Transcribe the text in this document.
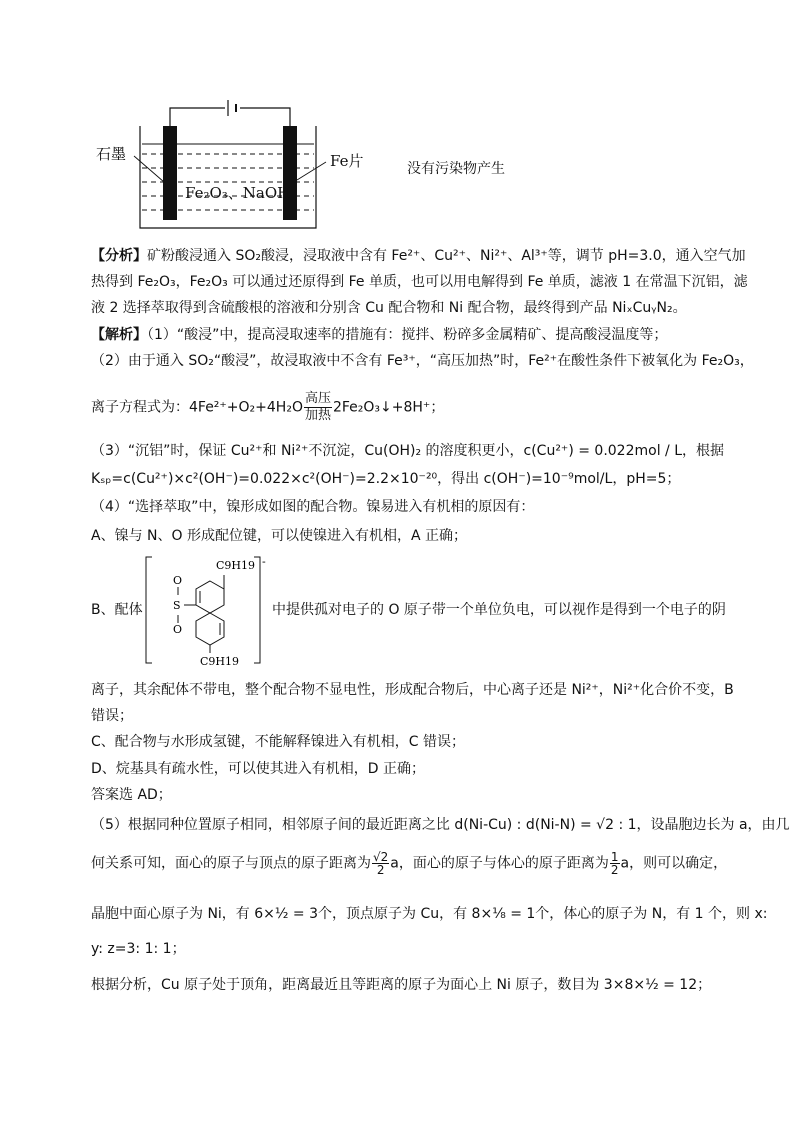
石墨	Fe片
Fe₂O₃、NaOH
没有污染物产生
【分析】矿粉酸浸通入 SO₂酸浸，浸取液中含有 Fe²⁺、Cu²⁺、Ni²⁺、Al³⁺等，调节 pH=3.0，通入空气加
热得到 Fe₂O₃，Fe₂O₃ 可以通过还原得到 Fe 单质，也可以用电解得到 Fe 单质，滤液 1 在常温下沉铝，滤
液 2 选择萃取得到含硫酸根的溶液和分别含 Cu 配合物和 Ni 配合物，最终得到产品 NiₓCuᵧN₂。
【解析】（1）“酸浸”中，提高浸取速率的措施有：搅拌、粉碎多金属精矿、提高酸浸温度等；
（2）由于通入 SO₂“酸浸”，故浸取液中不含有 Fe³⁺，“高压加热”时，Fe²⁺在酸性条件下被氧化为 Fe₂O₃，
离子方程式为：$4Fe^{2+}+O_2+4H_2O \frac{\text{高压}}{\text{加热}}$ 2Fe₂O₃↓+8H⁺；
（3）“沉铝”时，保证 Cu²⁺和 Ni²⁺不沉淀，Cu(OH)₂ 的溶度积更小，c(Cu²⁺) = 0.022mol / L，根据
Kₛₚ=c(Cu²⁺)×c²(OH⁻)=0.022×c²(OH⁻)=2.2×10⁻²⁰，得出 c(OH⁻)=10⁻⁹mol/L，pH=5；
（4）“选择萃取”中，镍形成如图的配合物。镍易进入有机相的原因有：
A、镍与 N、O 形成配位键，可以使镍进入有机相，A 正确；
B、配体	S
O
O
C9H19
C9H19
-
中提供孤对电子的 O 原子带一个单位负电，可以视作是得到一个电子的阴
离子，其余配体不带电，整个配合物不显电性，形成配合物后，中心离子还是 Ni²⁺，Ni²⁺化合价不变，B
错误；
C、配合物与水形成氢键，不能解释镍进入有机相，C 错误；
D、烷基具有疏水性，可以使其进入有机相，D 正确；
答案选 AD；
（5）根据同种位置原子相同，相邻原子间的最近距离之比 d(Ni-Cu) : d(Ni-N) = √2 : 1，设晶胞边长为 a，由几
何关系可知，面心的原子与顶点的原子距离为 $\frac{√2}{2}$ a，面心的原子与体心的原子距离为 $\frac{1}{2}$ a，则可以确定，
晶胞中面心原子为 Ni，有 6×½ = 3个，顶点原子为 Cu，有 8×⅛ = 1个，体心的原子为 N，有 1 个，则 x:
y: z=3: 1: 1；
根据分析，Cu 原子处于顶角，距离最近且等距离的原子为面心上 Ni 原子，数目为 3×8×½ = 12；
